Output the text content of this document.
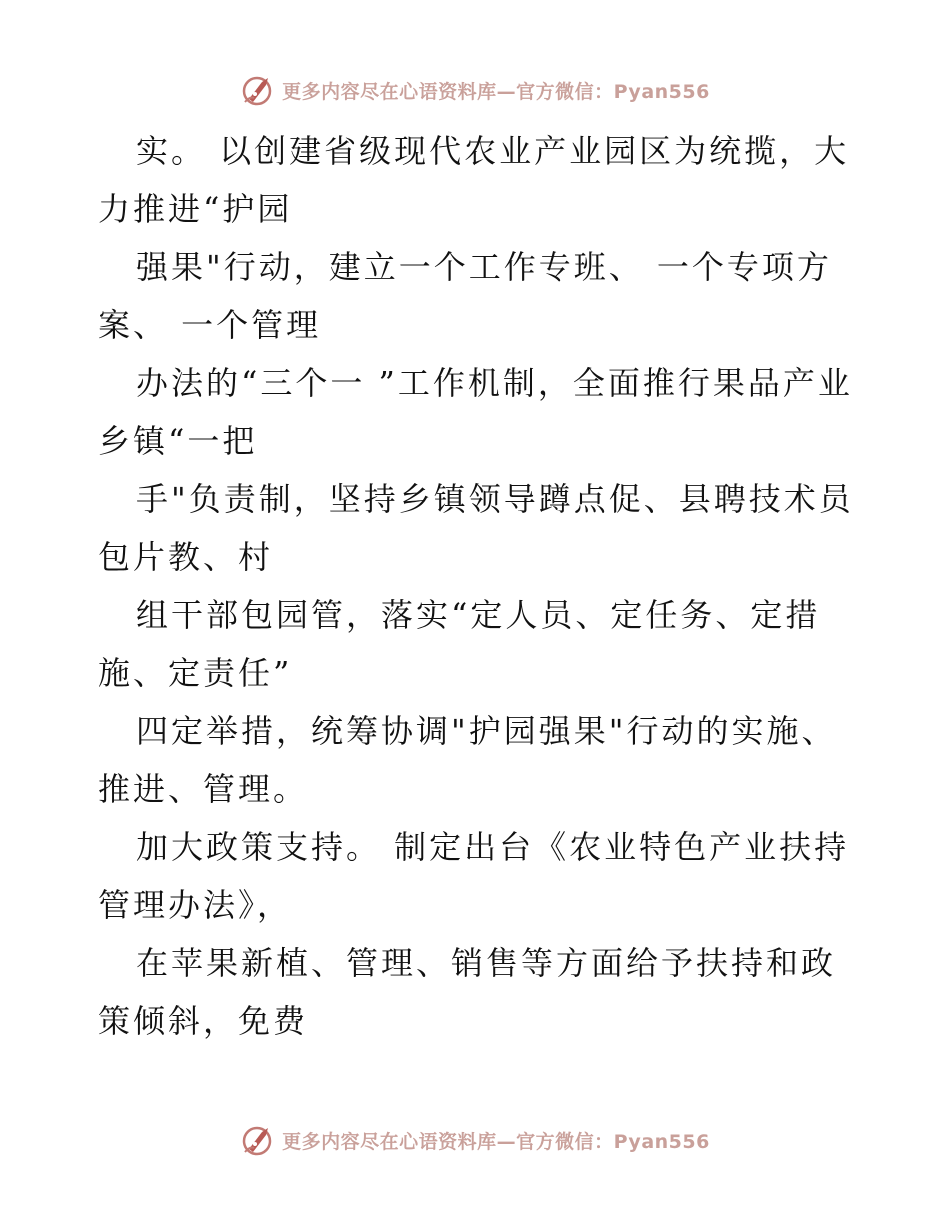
更多内容尽在心语资料库—官方微信：Pyan556

实。 以创建省级现代农业产业园区为统揽，大力推进“护园

强果"行动，建立一个工作专班、 一个专项方案、 一个管理

办法的“三个一 ”工作机制，全面推行果品产业乡镇“一把

手"负责制，坚持乡镇领导蹲点促、县聘技术员包片教、村

组干部包园管，落实“定人员、定任务、定措施、定责任”

四定举措，统筹协调"护园强果"行动的实施、推进、管理。

加大政策支持。 制定出台《农业特色产业扶持管理办法》，

在苹果新植、管理、销售等方面给予扶持和政策倾斜，免费

更多内容尽在心语资料库—官方微信：Pyan556
